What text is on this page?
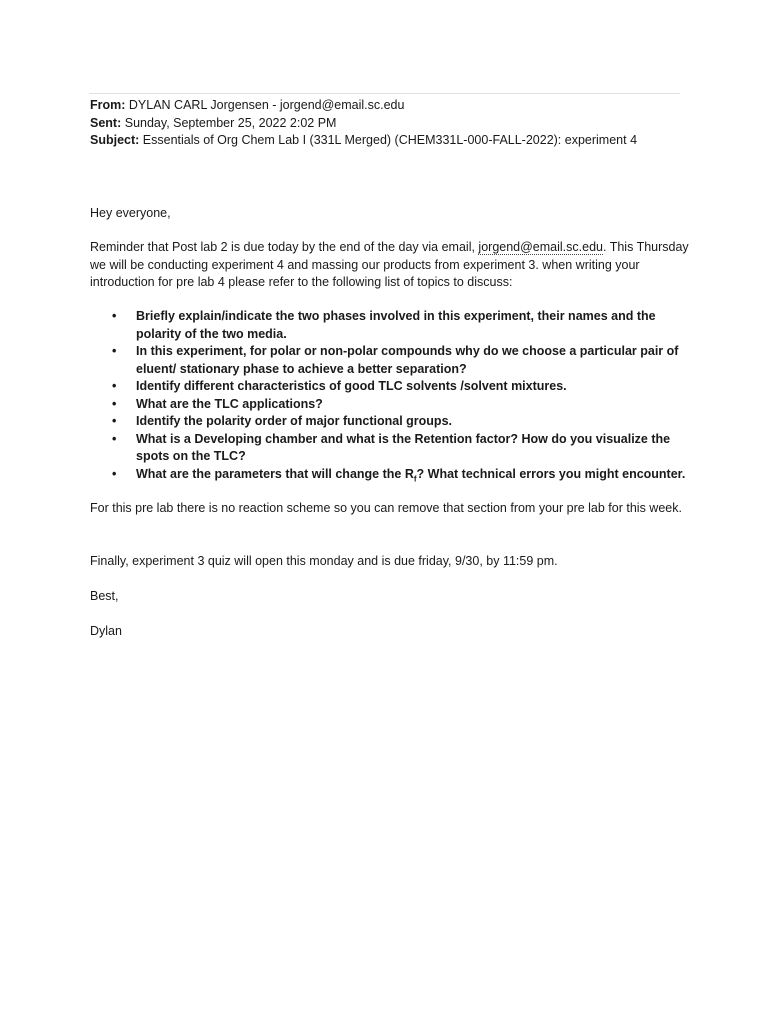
From: DYLAN CARL Jorgensen - jorgend@email.sc.edu
Sent: Sunday, September 25, 2022 2:02 PM
Subject: Essentials of Org Chem Lab I (331L Merged) (CHEM331L-000-FALL-2022): experiment 4
Hey everyone,
Reminder that Post lab 2 is due today by the end of the day via email, jorgend@email.sc.edu. This Thursday we will be conducting experiment 4 and massing our products from experiment 3. when writing your introduction for pre lab 4 please refer to the following list of topics to discuss:
• Briefly explain/indicate the two phases involved in this experiment, their names and the polarity of the two media.
• In this experiment, for polar or non-polar compounds why do we choose a particular pair of eluent/ stationary phase to achieve a better separation?
• Identify different characteristics of good TLC solvents /solvent mixtures.
• What are the TLC applications?
• Identify the polarity order of major functional groups.
• What is a Developing chamber and what is the Retention factor? How do you visualize the spots on the TLC?
• What are the parameters that will change the $R_f$? What technical errors you might encounter.
For this pre lab there is no reaction scheme so you can remove that section from your pre lab for this week.
Finally, experiment 3 quiz will open this monday and is due friday, 9/30, by 11:59 pm.
Best,
Dylan
